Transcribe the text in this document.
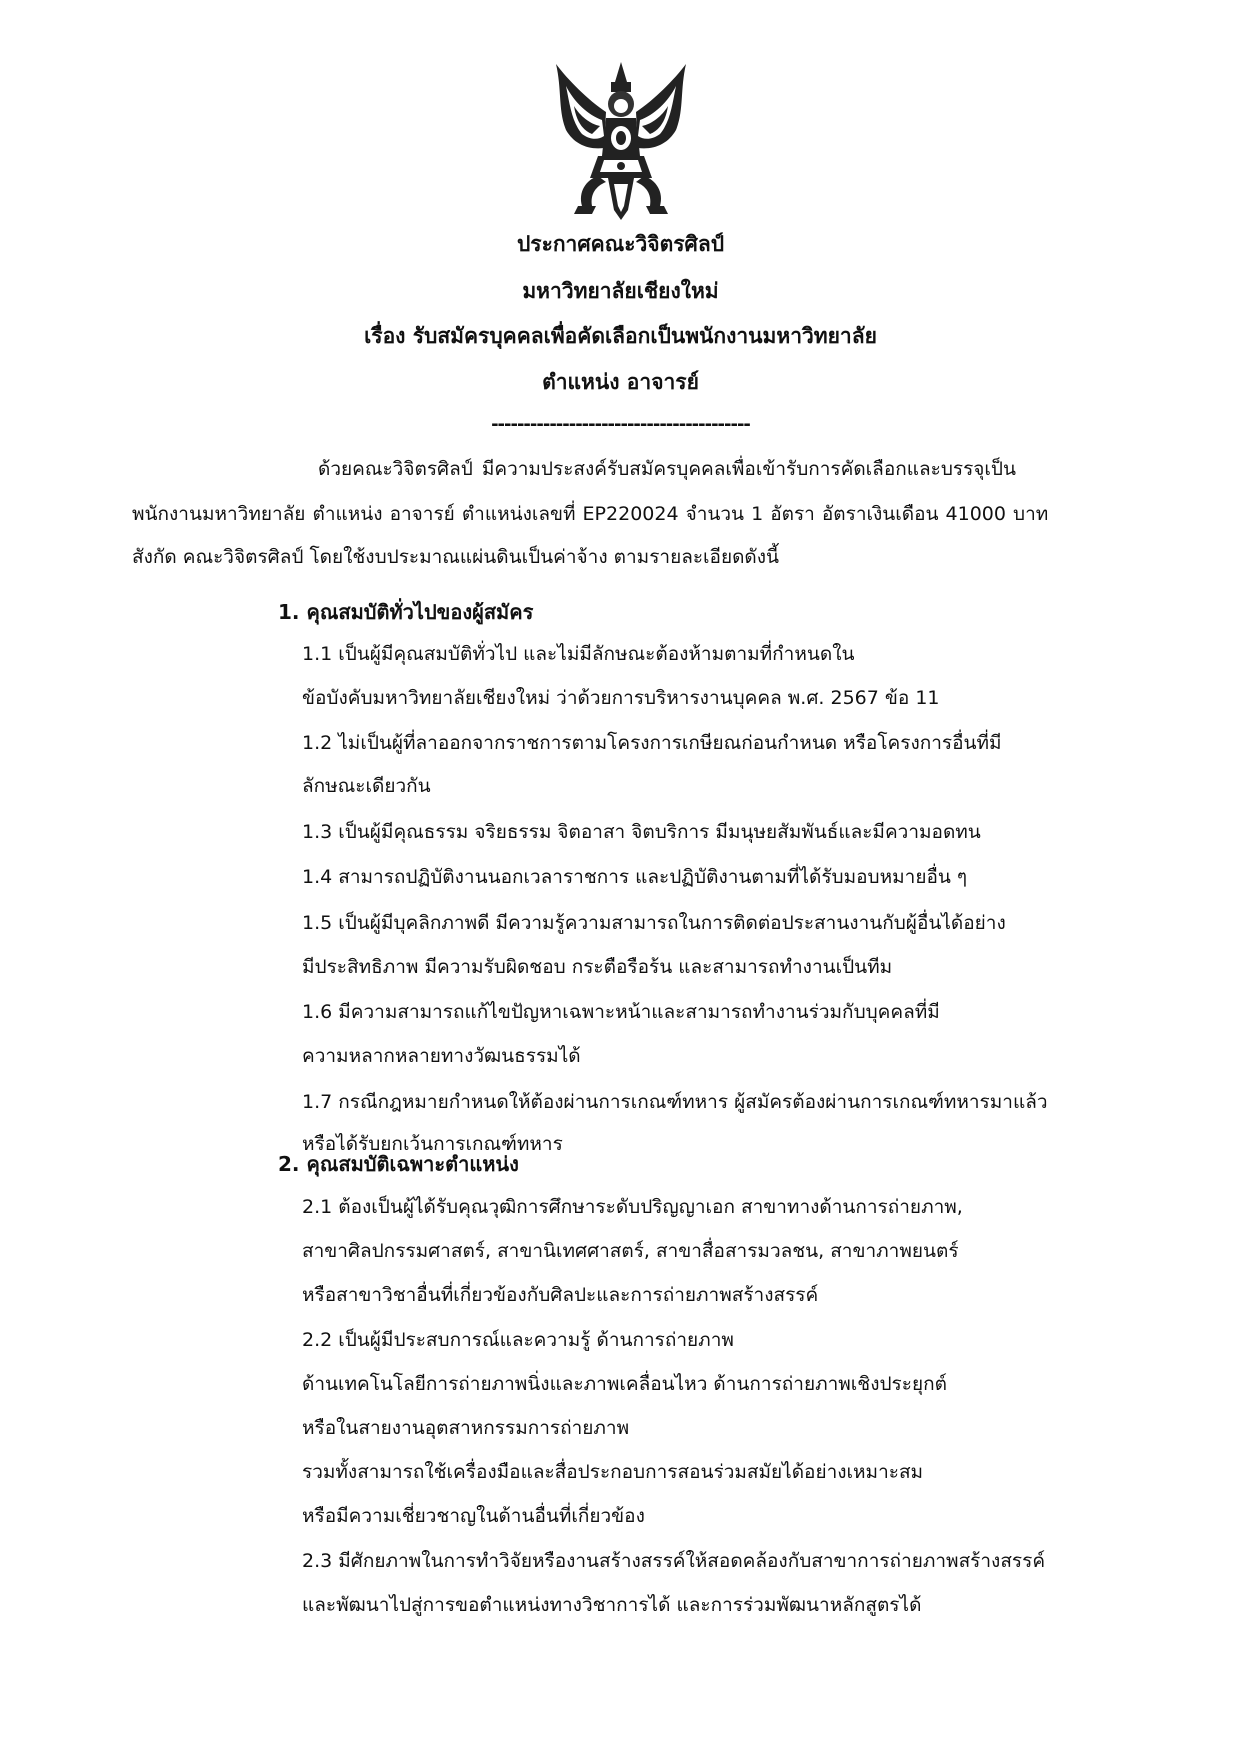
ประกาศคณะวิจิตรศิลป์
มหาวิทยาลัยเชียงใหม่
เรื่อง รับสมัครบุคคลเพื่อคัดเลือกเป็นพนักงานมหาวิทยาลัย
ตำแหน่ง อาจารย์
----------------------------------------
ด้วยคณะวิจิตรศิลป์ มีความประสงค์รับสมัครบุคคลเพื่อเข้ารับการคัดเลือกและบรรจุเป็น
พนักงานมหาวิทยาลัย ตำแหน่ง อาจารย์ ตำแหน่งเลขที่ EP220024 จำนวน 1 อัตรา อัตราเงินเดือน 41000 บาท
สังกัด คณะวิจิตรศิลป์ โดยใช้งบประมาณแผ่นดินเป็นค่าจ้าง ตามรายละเอียดดังนี้
1. คุณสมบัติทั่วไปของผู้สมัคร
1.1 เป็นผู้มีคุณสมบัติทั่วไป และไม่มีลักษณะต้องห้ามตามที่กำหนดใน
ข้อบังคับมหาวิทยาลัยเชียงใหม่ ว่าด้วยการบริหารงานบุคคล พ.ศ. 2567 ข้อ 11
1.2 ไม่เป็นผู้ที่ลาออกจากราชการตามโครงการเกษียณก่อนกำหนด หรือโครงการอื่นที่มี
ลักษณะเดียวกัน
1.3 เป็นผู้มีคุณธรรม จริยธรรม จิตอาสา จิตบริการ มีมนุษยสัมพันธ์และมีความอดทน
1.4 สามารถปฏิบัติงานนอกเวลาราชการ และปฏิบัติงานตามที่ได้รับมอบหมายอื่น ๆ
1.5 เป็นผู้มีบุคลิกภาพดี มีความรู้ความสามารถในการติดต่อประสานงานกับผู้อื่นได้อย่าง
มีประสิทธิภาพ มีความรับผิดชอบ กระตือรือร้น และสามารถทำงานเป็นทีม
1.6 มีความสามารถแก้ไขปัญหาเฉพาะหน้าและสามารถทำงานร่วมกับบุคคลที่มี
ความหลากหลายทางวัฒนธรรมได้
1.7 กรณีกฎหมายกำหนดให้ต้องผ่านการเกณฑ์ทหาร ผู้สมัครต้องผ่านการเกณฑ์ทหารมาแล้ว
2. คุณสมบัติเฉพาะตำแหน่ง
2.1 ต้องเป็นผู้ได้รับคุณวุฒิการศึกษาระดับปริญญาเอก สาขาทางด้านการถ่ายภาพ,
สาขาศิลปกรรมศาสตร์, สาขานิเทศศาสตร์, สาขาสื่อสารมวลชน, สาขาภาพยนตร์
หรือสาขาวิชาอื่นที่เกี่ยวข้องกับศิลปะและการถ่ายภาพสร้างสรรค์
2.2 เป็นผู้มีประสบการณ์และความรู้ ด้านการถ่ายภาพ
ด้านเทคโนโลยีการถ่ายภาพนิ่งและภาพเคลื่อนไหว ด้านการถ่ายภาพเชิงประยุกต์
หรือในสายงานอุตสาหกรรมการถ่ายภาพ
รวมทั้งสามารถใช้เครื่องมือและสื่อประกอบการสอนร่วมสมัยได้อย่างเหมาะสม
หรือมีความเชี่ยวชาญในด้านอื่นที่เกี่ยวข้อง
2.3 มีศักยภาพในการทำวิจัยหรืองานสร้างสรรค์ให้สอดคล้องกับสาขาการถ่ายภาพสร้างสรรค์
และพัฒนาไปสู่การขอตำแหน่งทางวิชาการได้ และการร่วมพัฒนาหลักสูตรได้
หรือได้รับยกเว้นการเกณฑ์ทหาร
